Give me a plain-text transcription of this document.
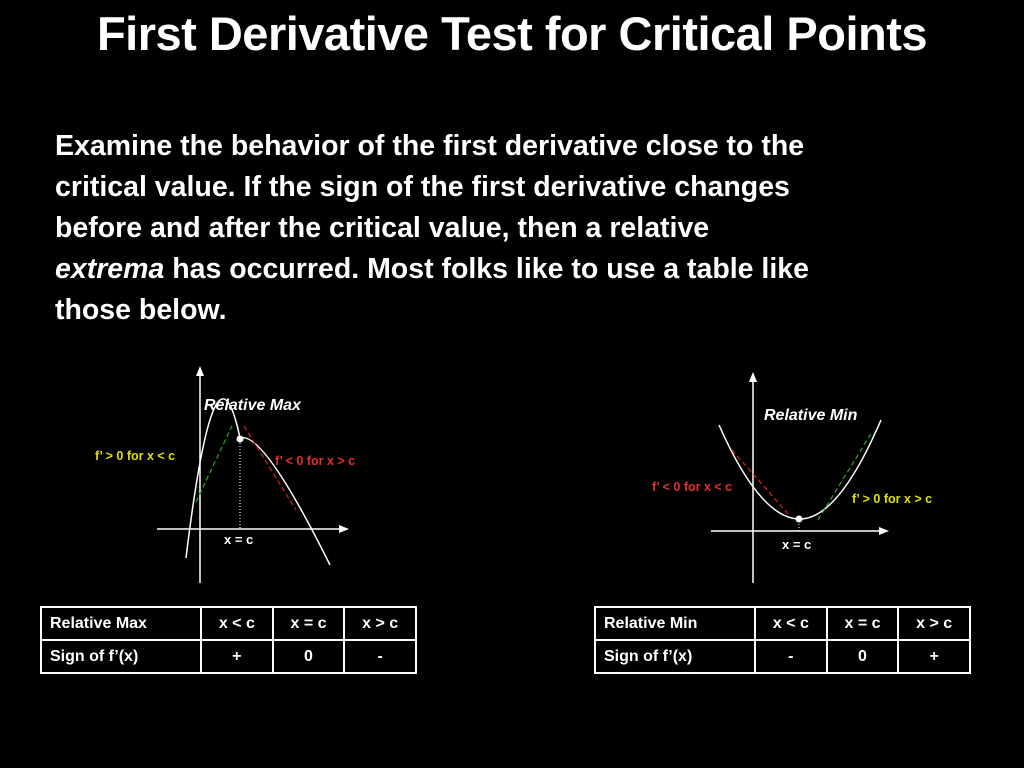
First Derivative Test for Critical Points
Examine the behavior of the first derivative close to the
critical value. If the sign of the first derivative changes
before and after the critical value, then a relative
extrema has occurred. Most folks like to use a table like
those below.
Relative Max
f’ > 0 for x < c	f’ < 0 for x > c
x = c
Relative Min
f’ < 0 for x < c
f’ > 0 for x > c
x = c
Relative Max	x < c	x = c	x > c
Sign of f’(x)	+	0	-
Relative Min	x < c	x = c	x > c
Sign of f’(x)	-	0	+
